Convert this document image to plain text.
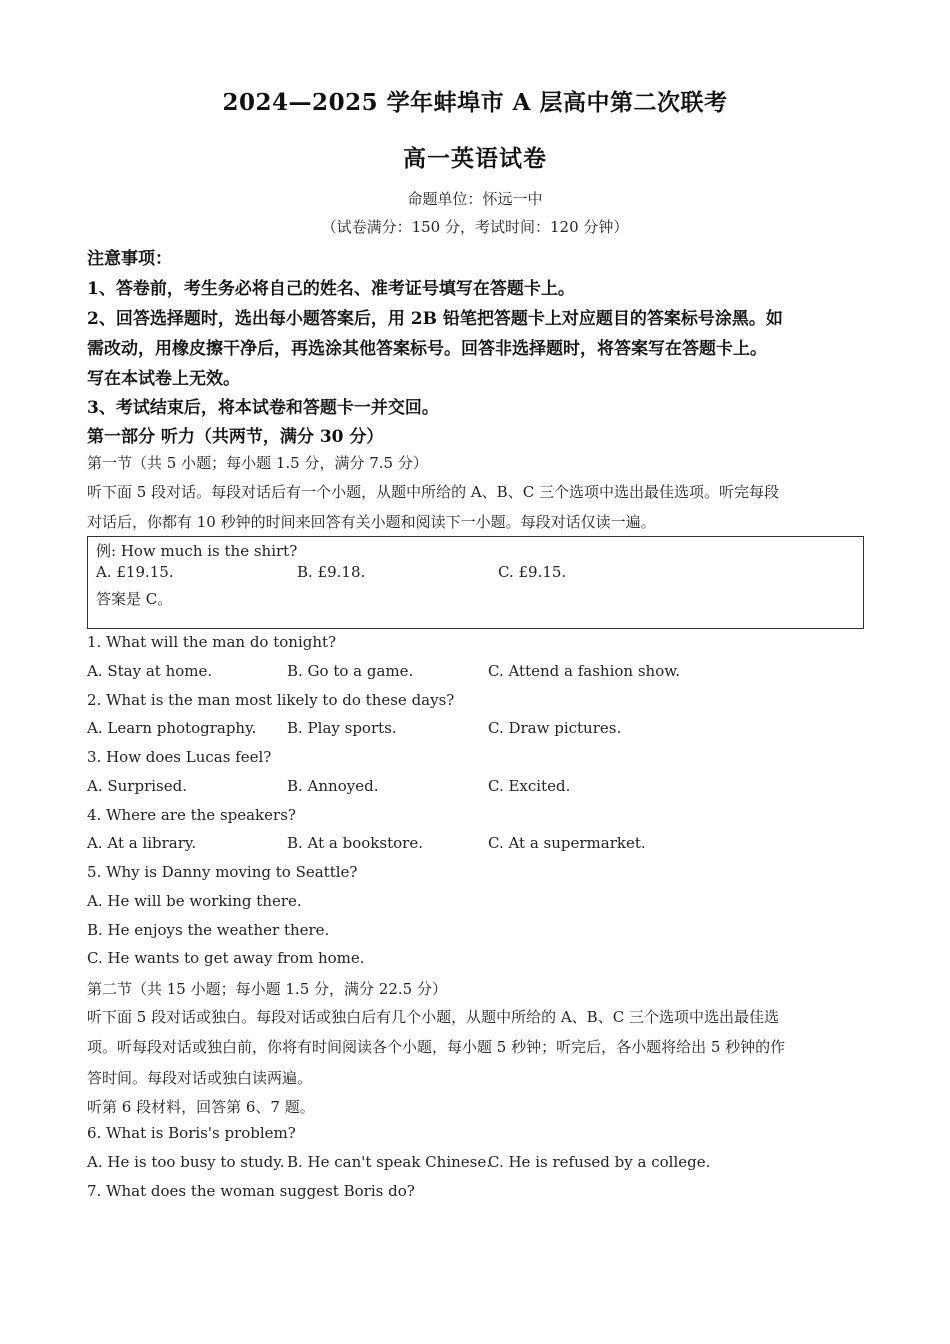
2024—2025 学年蚌埠市 A 层高中第二次联考
高一英语试卷
命题单位：怀远一中
（试卷满分：150 分，考试时间：120 分钟）
注意事项：
1、答卷前，考生务必将自己的姓名、准考证号填写在答题卡上。
2、回答选择题时，选出每小题答案后，用 2B 铅笔把答题卡上对应题目的答案标号涂黑。如
需改动，用橡皮擦干净后，再选涂其他答案标号。回答非选择题时，将答案写在答题卡上。
写在本试卷上无效。
3、考试结束后，将本试卷和答题卡一并交回。
第一部分 听力（共两节，满分 30 分）
第一节（共 5 小题；每小题 1.5 分，满分 7.5 分）
听下面 5 段对话。每段对话后有一个小题，从题中所给的 A、B、C 三个选项中选出最佳选项。听完每段
对话后，你都有 10 秒钟的时间来回答有关小题和阅读下一小题。每段对话仅读一遍。
例: How much is the shirt?
A. £19.15.	B. £9.18.	C. £9.15.
答案是 C。
1. What will the man do tonight?
A. Stay at home.	B. Go to a game.	C. Attend a fashion show.
2. What is the man most likely to do these days?
A. Learn photography. B. Play sports.	C. Draw pictures.
3. How does Lucas feel?
A. Surprised.	B. Annoyed.	C. Excited.
4. Where are the speakers?
A. At a library.	B. At a bookstore.	C. At a supermarket.
5. Why is Danny moving to Seattle?
A. He will be working there.
B. He enjoys the weather there.
C. He wants to get away from home.
第二节（共 15 小题；每小题 1.5 分，满分 22.5 分）
听下面 5 段对话或独白。每段对话或独白后有几个小题，从题中所给的 A、B、C 三个选项中选出最佳选
项。听每段对话或独白前，你将有时间阅读各个小题，每小题 5 秒钟；听完后，各小题将给出 5 秒钟的作
答时间。每段对话或独白读两遍。
听第 6 段材料，回答第 6、7 题。
6. What is Boris's problem?
A. He is too busy to study. B. He can't speak Chinese.
C. He is refused by a college.
7. What does the woman suggest Boris do?
